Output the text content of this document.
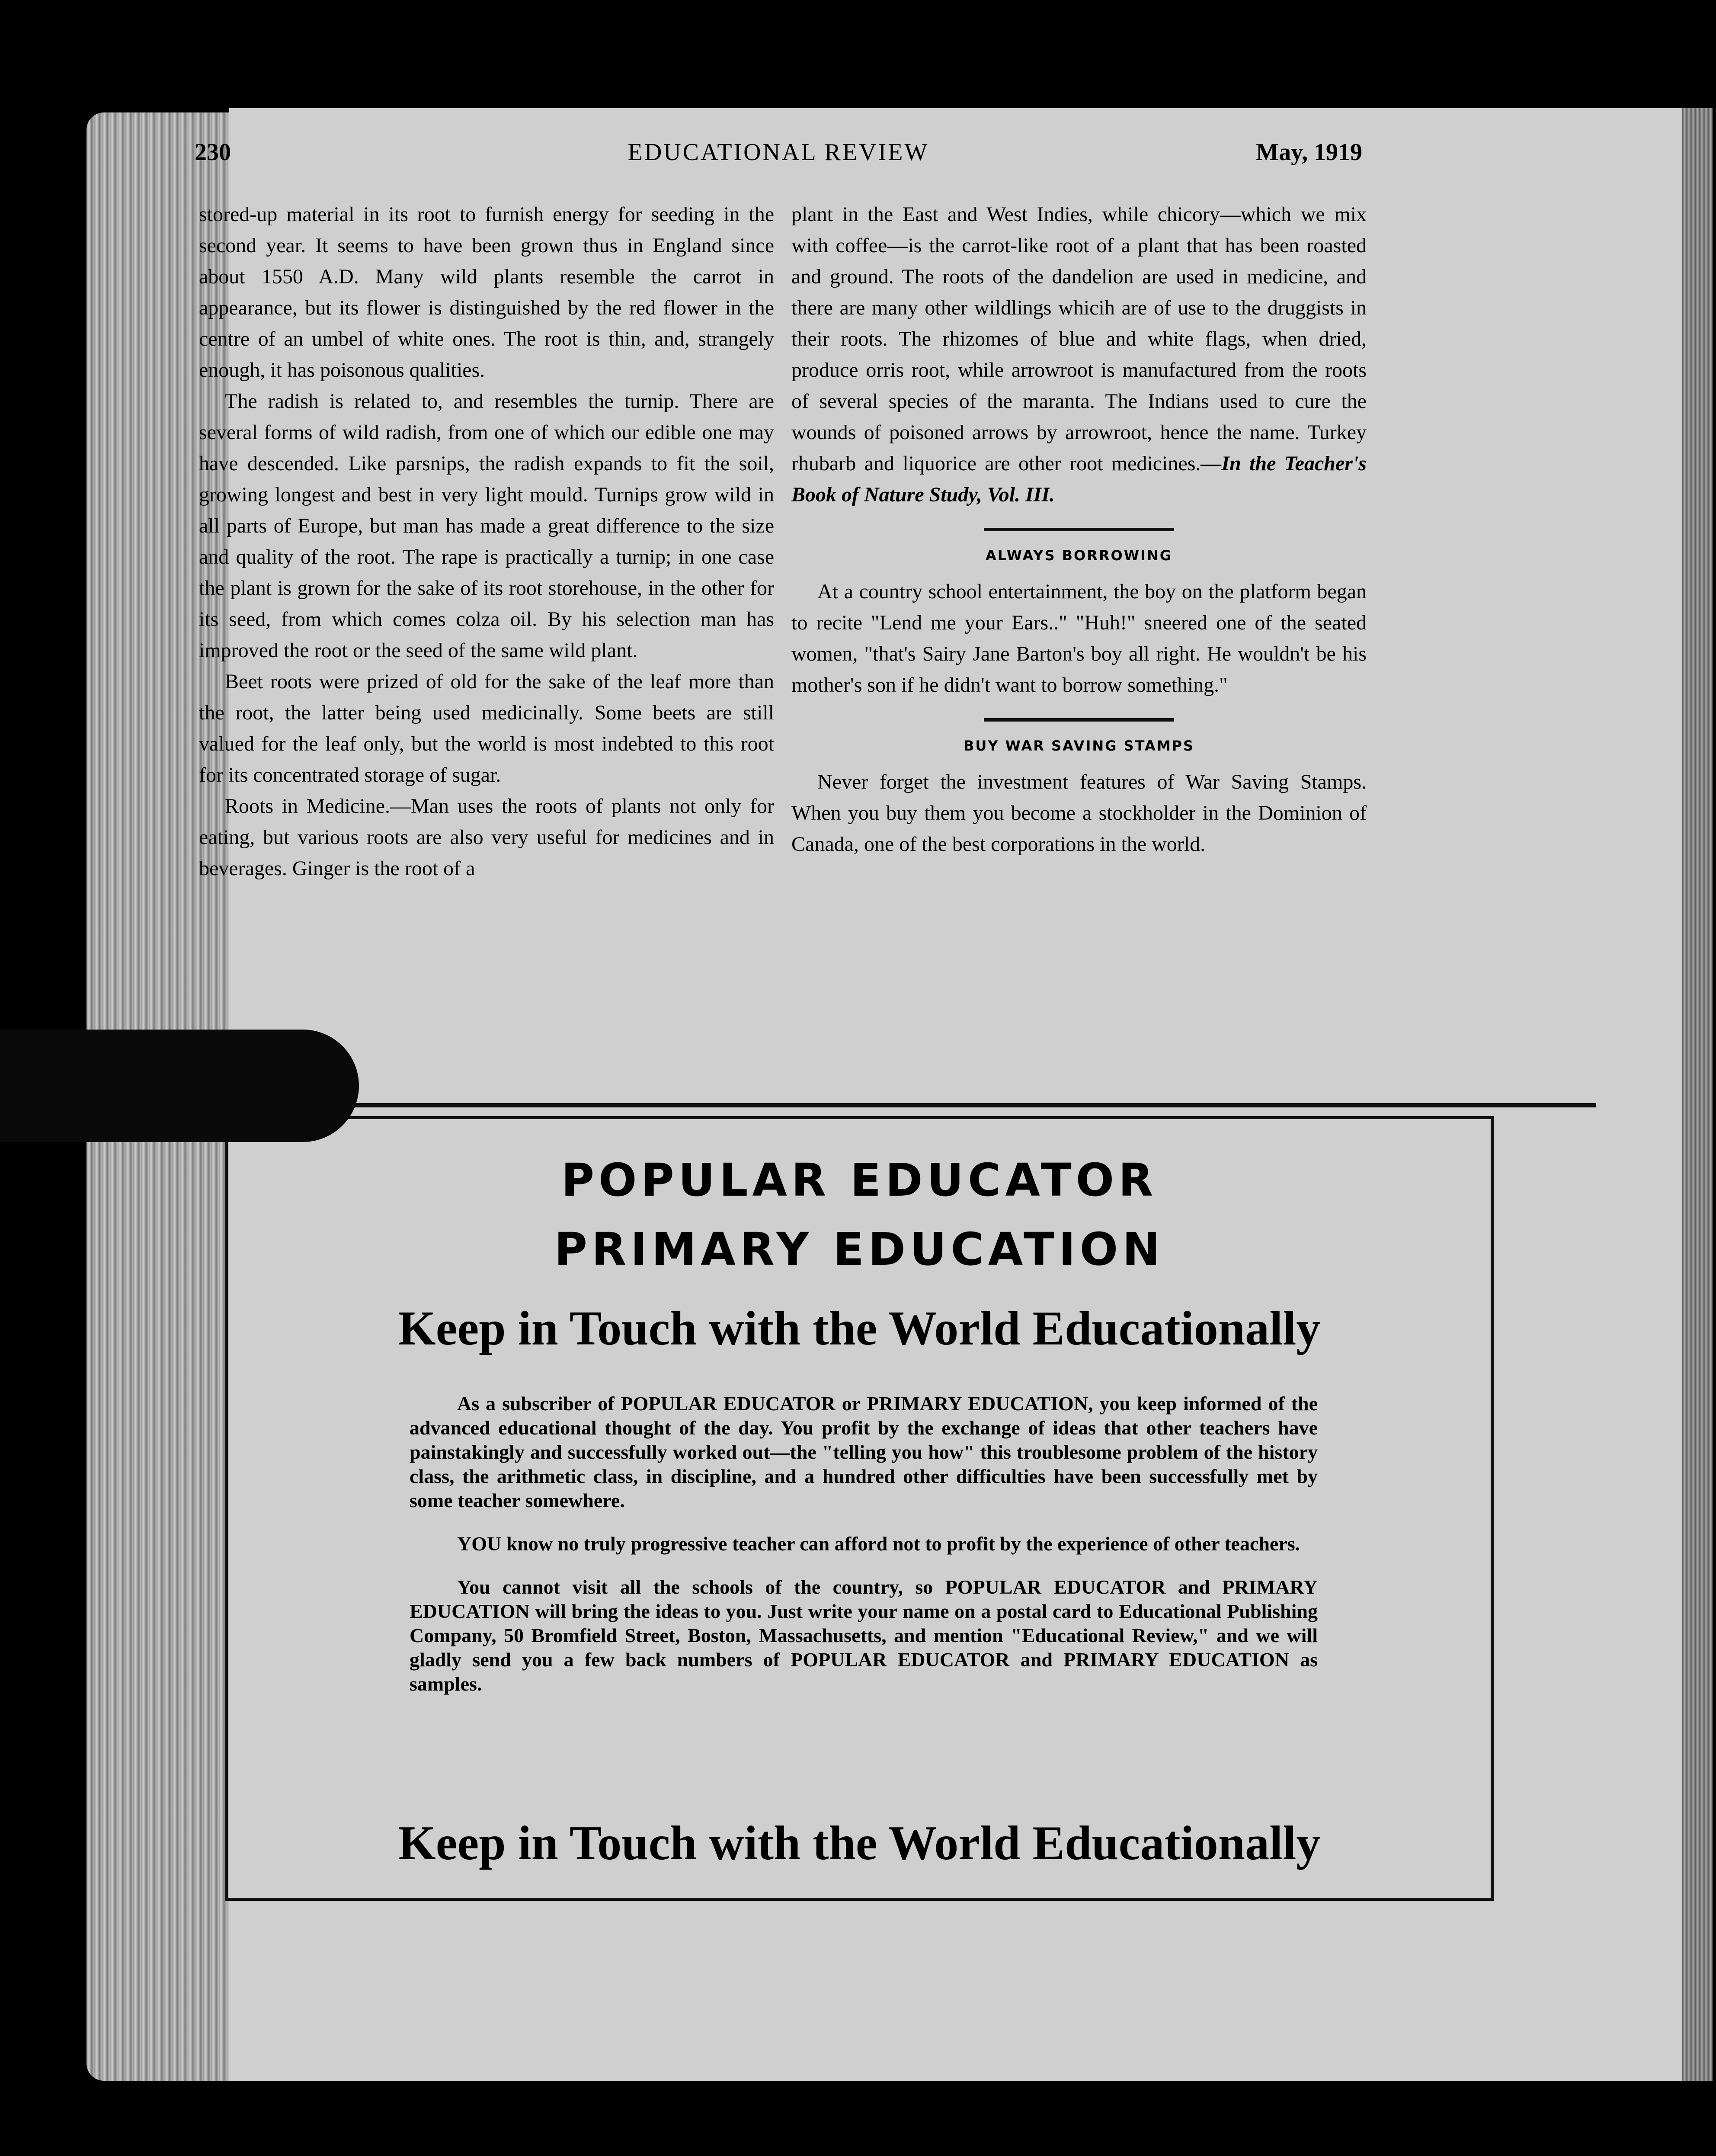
230	EDUCATIONAL REVIEW	May, 1919

stored-up material in its root to furnish energy for seeding in the second year. It seems to have been grown thus in England since about 1550 A.D. Many wild plants resemble the carrot in appearance, but its flower is distinguished by the red flower in the centre of an umbel of white ones. The root is thin, and, strangely enough, it has poisonous qualities.

The radish is related to, and resembles the turnip. There are several forms of wild radish, from one of which our edible one may have descended. Like parsnips, the radish expands to fit the soil, growing longest and best in very light mould. Turnips grow wild in all parts of Europe, but man has made a great difference to the size and quality of the root. The rape is practically a turnip; in one case the plant is grown for the sake of its root storehouse, in the other for its seed, from which comes colza oil. By his selection man has improved the root or the seed of the same wild plant.

Beet roots were prized of old for the sake of the leaf more than the root, the latter being used medicinally. Some beets are still valued for the leaf only, but the world is most indebted to this root for its concentrated storage of sugar.

Roots in Medicine.—Man uses the roots of plants not only for eating, but various roots are also very useful for medicines and in beverages. Ginger is the root of a

plant in the East and West Indies, while chicory—which we mix with coffee—is the carrot-like root of a plant that has been roasted and ground. The roots of the dandelion are used in medicine, and there are many other wildlings whicih are of use to the druggists in their roots. The rhizomes of blue and white flags, when dried, produce orris root, while arrowroot is manufactured from the roots of several species of the maranta. The Indians used to cure the wounds of poisoned arrows by arrowroot, hence the name. Turkey rhubarb and liquorice are other root medicines.—In the Teacher's Book of Nature Study, Vol. III.

ALWAYS BORROWING

At a country school entertainment, the boy on the platform began to recite "Lend me your Ears.." "Huh!" sneered one of the seated women, "that's Sairy Jane Barton's boy all right. He wouldn't be his mother's son if he didn't want to borrow something."

BUY WAR SAVING STAMPS

Never forget the investment features of War Saving Stamps. When you buy them you become a stockholder in the Dominion of Canada, one of the best corporations in the world.

POPULAR EDUCATOR
PRIMARY EDUCATION
Keep in Touch with the World Educationally

As a subscriber of POPULAR EDUCATOR or PRIMARY EDUCATION, you keep informed of the advanced educational thought of the day. You profit by the exchange of ideas that other teachers have painstakingly and successfully worked out—the "telling you how" this troublesome problem of the history class, the arithmetic class, in discipline, and a hundred other difficulties have been successfully met by some teacher somewhere.

YOU know no truly progressive teacher can afford not to profit by the experience of other teachers.

You cannot visit all the schools of the country, so POPULAR EDUCATOR and PRIMARY EDUCATION will bring the ideas to you. Just write your name on a postal card to Educational Publishing Company, 50 Bromfield Street, Boston, Massachusetts, and mention "Educational Review," and we will gladly send you a few back numbers of POPULAR EDUCATOR and PRIMARY EDUCATION as samples.

Keep in Touch with the World Educationally
